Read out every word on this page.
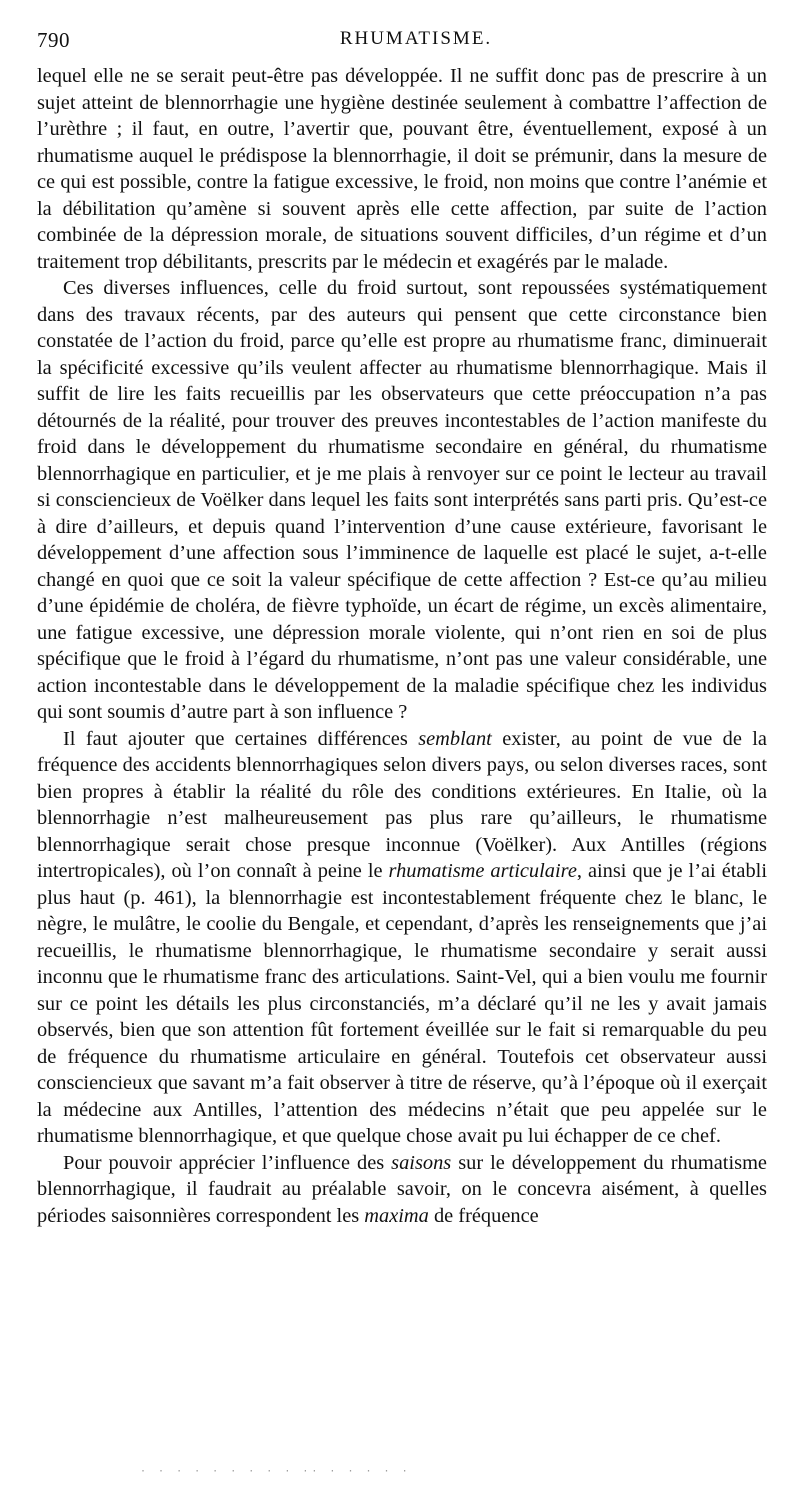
790	RHUMATISME.

lequel elle ne se serait peut-être pas développée. Il ne suffit donc pas de prescrire à un sujet atteint de blennorrhagie une hygiène destinée seulement à combattre l’affection de l’urèthre ; il faut, en outre, l’avertir que, pouvant être, éventuellement, exposé à un rhumatisme auquel le prédispose la blennorrhagie, il doit se prémunir, dans la mesure de ce qui est possible, contre la fatigue excessive, le froid, non moins que contre l’anémie et la débilitation qu’amène si souvent après elle cette affection, par suite de l’action combinée de la dépression morale, de situations souvent difficiles, d’un régime et d’un traitement trop débilitants, prescrits par le médecin et exagérés par le malade.

Ces diverses influences, celle du froid surtout, sont repoussées systématiquement dans des travaux récents, par des auteurs qui pensent que cette circonstance bien constatée de l’action du froid, parce qu’elle est propre au rhumatisme franc, diminuerait la spécificité excessive qu’ils veulent affecter au rhumatisme blennorrhagique. Mais il suffit de lire les faits recueillis par les observateurs que cette préoccupation n’a pas détournés de la réalité, pour trouver des preuves incontestables de l’action manifeste du froid dans le développement du rhumatisme secondaire en général, du rhumatisme blennorrhagique en particulier, et je me plais à renvoyer sur ce point le lecteur au travail si consciencieux de Voëlker dans lequel les faits sont interprétés sans parti pris. Qu’est-ce à dire d’ailleurs, et depuis quand l’intervention d’une cause extérieure, favorisant le développement d’une affection sous l’imminence de laquelle est placé le sujet, a-t-elle changé en quoi que ce soit la valeur spécifique de cette affection ? Est-ce qu’au milieu d’une épidémie de choléra, de fièvre typhoïde, un écart de régime, un excès alimentaire, une fatigue excessive, une dépression morale violente, qui n’ont rien en soi de plus spécifique que le froid à l’égard du rhumatisme, n’ont pas une valeur considérable, une action incontestable dans le développement de la maladie spécifique chez les individus qui sont soumis d’autre part à son influence ?

Il faut ajouter que certaines différences semblant exister, au point de vue de la fréquence des accidents blennorrhagiques selon divers pays, ou selon diverses races, sont bien propres à établir la réalité du rôle des conditions extérieures. En Italie, où la blennorrhagie n’est malheureusement pas plus rare qu’ailleurs, le rhumatisme blennorrhagique serait chose presque inconnue (Voëlker). Aux Antilles (régions intertropicales), où l’on connaît à peine le rhumatisme articulaire, ainsi que je l’ai établi plus haut (p. 461), la blennorrhagie est incontestablement fréquente chez le blanc, le nègre, le mulâtre, le coolie du Bengale, et cependant, d’après les renseignements que j’ai recueillis, le rhumatisme blennorrhagique, le rhumatisme secondaire y serait aussi inconnu que le rhumatisme franc des articulations. Saint-Vel, qui a bien voulu me fournir sur ce point les détails les plus circonstanciés, m’a déclaré qu’il ne les y avait jamais observés, bien que son attention fût fortement éveillée sur le fait si remarquable du peu de fréquence du rhumatisme articulaire en général. Toutefois cet observateur aussi consciencieux que savant m’a fait observer à titre de réserve, qu’à l’époque où il exerçait la médecine aux Antilles, l’attention des médecins n’était que peu appelée sur le rhumatisme blennorrhagique, et que quelque chose avait pu lui échapper de ce chef.

Pour pouvoir apprécier l’influence des saisons sur le développement du rhumatisme blennorrhagique, il faudrait au préalable savoir, on le concevra aisément, à quelles périodes saisonnières correspondent les maxima de fréquence

· · · · · · · · · ·· · · · · ·
